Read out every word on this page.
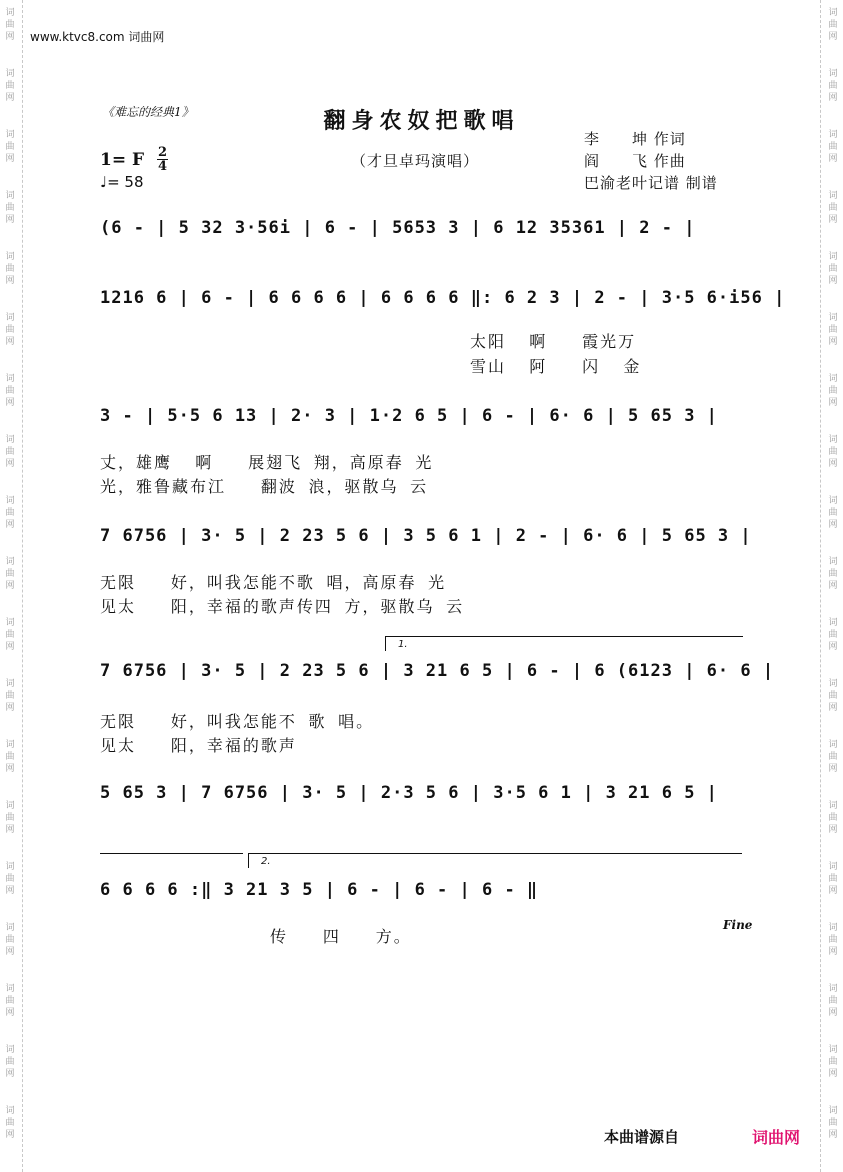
词
曲
网
词
曲
网
词
曲
网
词
曲
网
词
曲
网
词
曲
网
词
曲
网
词
曲
网
词
曲
网
词
曲
网
词
曲
网
词
曲
网
词
曲
网
词
曲
网
词
曲
网
词
曲
网
词
曲
网
词
曲
网
词
曲
网
词
曲
网
词
曲
网
词
曲
网
词
曲
网
词
曲
网
词
曲
网
词
曲
网
词
曲
网
词
曲
网
词
曲
网
词
曲
网
词
曲
网
词
曲
网
词
曲
网
词
曲
网
词
曲
网
词
曲
网
词
曲
网
词
曲
网
www.ktvc8.com 词曲网
《难忘的经典1》	翻身农奴把歌唱
1= F 2
4
♩= 58
（才旦卓玛演唱）
李　　坤 作词
阎　　飞 作曲
巴渝老叶记谱 制谱
(6 - | 5 32 3·56i | 6 - | 5653 3 | 6 12 35361 | 2 - |
1216 6 | 6 - | 6 6 6 6 | 6 6 6 6 ‖: 6 2 3 | 2 - | 3·5 6·i56 |
太阳  啊   霞光万
雪山  阿   闪  金
3 - | 5·5 6 13 | 2· 3 | 1·2 6 5 | 6 - | 6· 6 | 5 65 3 |
丈，雄鹰  啊   展翅飞 翔，高原春 光
光，雅鲁藏布江   翻波 浪，驱散乌 云
7 6756 | 3· 5 | 2 23 5 6 | 3 5 6 1 | 2 - | 6· 6 | 5 65 3 |
无限   好，叫我怎能不歌 唱，高原春 光
见太   阳，幸福的歌声传四 方，驱散乌 云
1.
7 6756 | 3· 5 | 2 23 5 6 | 3 21 6 5 | 6 - | 6 (6123 | 6· 6 |
无限   好，叫我怎能不 歌 唱。
见太   阳，幸福的歌声
5 65 3 | 7 6756 | 3· 5 | 2·3 5 6 | 3·5 6 1 | 3 21 6 5 |
2.
6 6 6 6 :‖ 3 21 3 5 | 6 - | 6 - | 6 - ‖
传   四   方。
Fine
本曲谱源自	词曲网
